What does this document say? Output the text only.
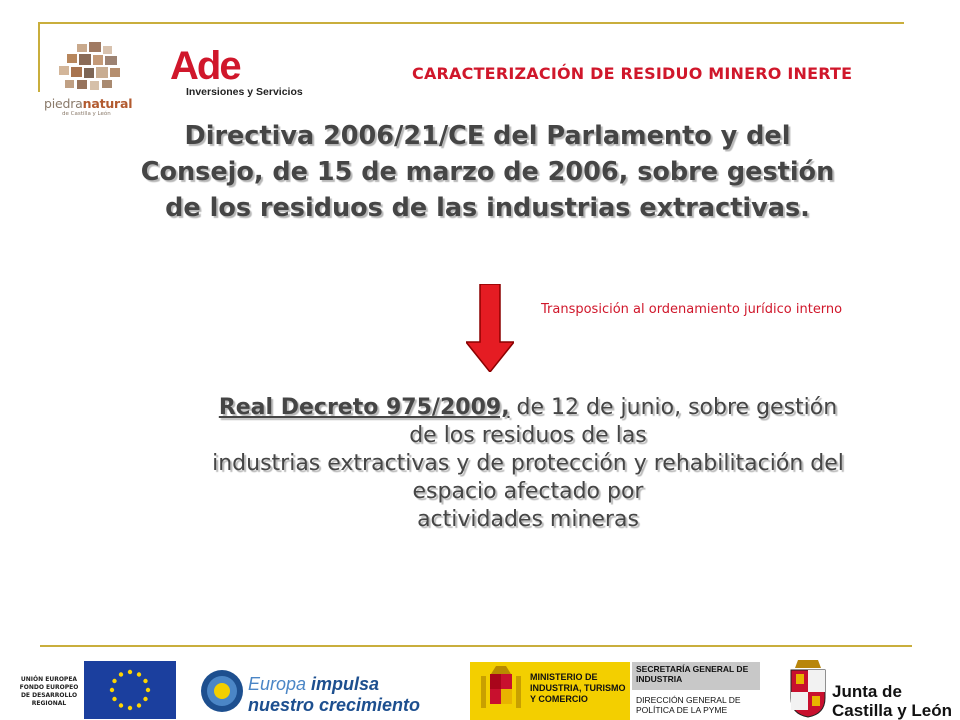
piedranatural
de Castilla y León
Ade
Inversiones y Servicios
CARACTERIZACIÓN DE RESIDUO MINERO INERTE
Directiva 2006/21/CE del Parlamento y del Consejo, de 15 de marzo de 2006, sobre gestión de los residuos de las industrias extractivas.
Transposición al ordenamiento jurídico interno
Real Decreto 975/2009, de 12 de junio, sobre gestión
de los residuos de las
industrias extractivas y de protección y rehabilitación del
espacio afectado por
actividades mineras
UNIÓN EUROPEA FONDO EUROPEO DE DESARROLLO REGIONAL
Europa impulsa
nuestro crecimiento
MINISTERIO DE INDUSTRIA, TURISMO Y COMERCIO
SECRETARÍA GENERAL DE INDUSTRIA
DIRECCIÓN GENERAL DE POLÍTICA DE LA PYME
Junta de
Castilla y León
